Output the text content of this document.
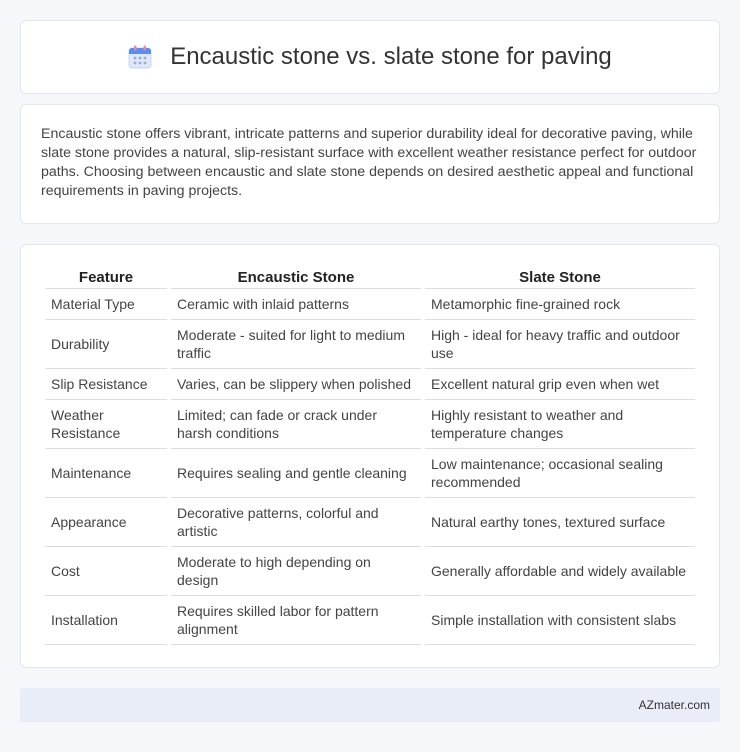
Encaustic stone vs. slate stone for paving

Encaustic stone offers vibrant, intricate patterns and superior durability ideal for decorative paving, while slate stone provides a natural, slip-resistant surface with excellent weather resistance perfect for outdoor paths. Choosing between encaustic and slate stone depends on desired aesthetic appeal and functional requirements in paving projects.

Feature	Encaustic Stone	Slate Stone
Material Type	Ceramic with inlaid patterns	Metamorphic fine-grained rock
Durability	Moderate - suited for light to medium traffic	High - ideal for heavy traffic and outdoor use
Slip Resistance	Varies, can be slippery when polished	Excellent natural grip even when wet
Weather Resistance	Limited; can fade or crack under harsh conditions	Highly resistant to weather and temperature changes
Maintenance	Requires sealing and gentle cleaning	Low maintenance; occasional sealing recommended
Appearance	Decorative patterns, colorful and artistic	Natural earthy tones, textured surface
Cost	Moderate to high depending on design	Generally affordable and widely available
Installation	Requires skilled labor for pattern alignment	Simple installation with consistent slabs
AZmater.com
